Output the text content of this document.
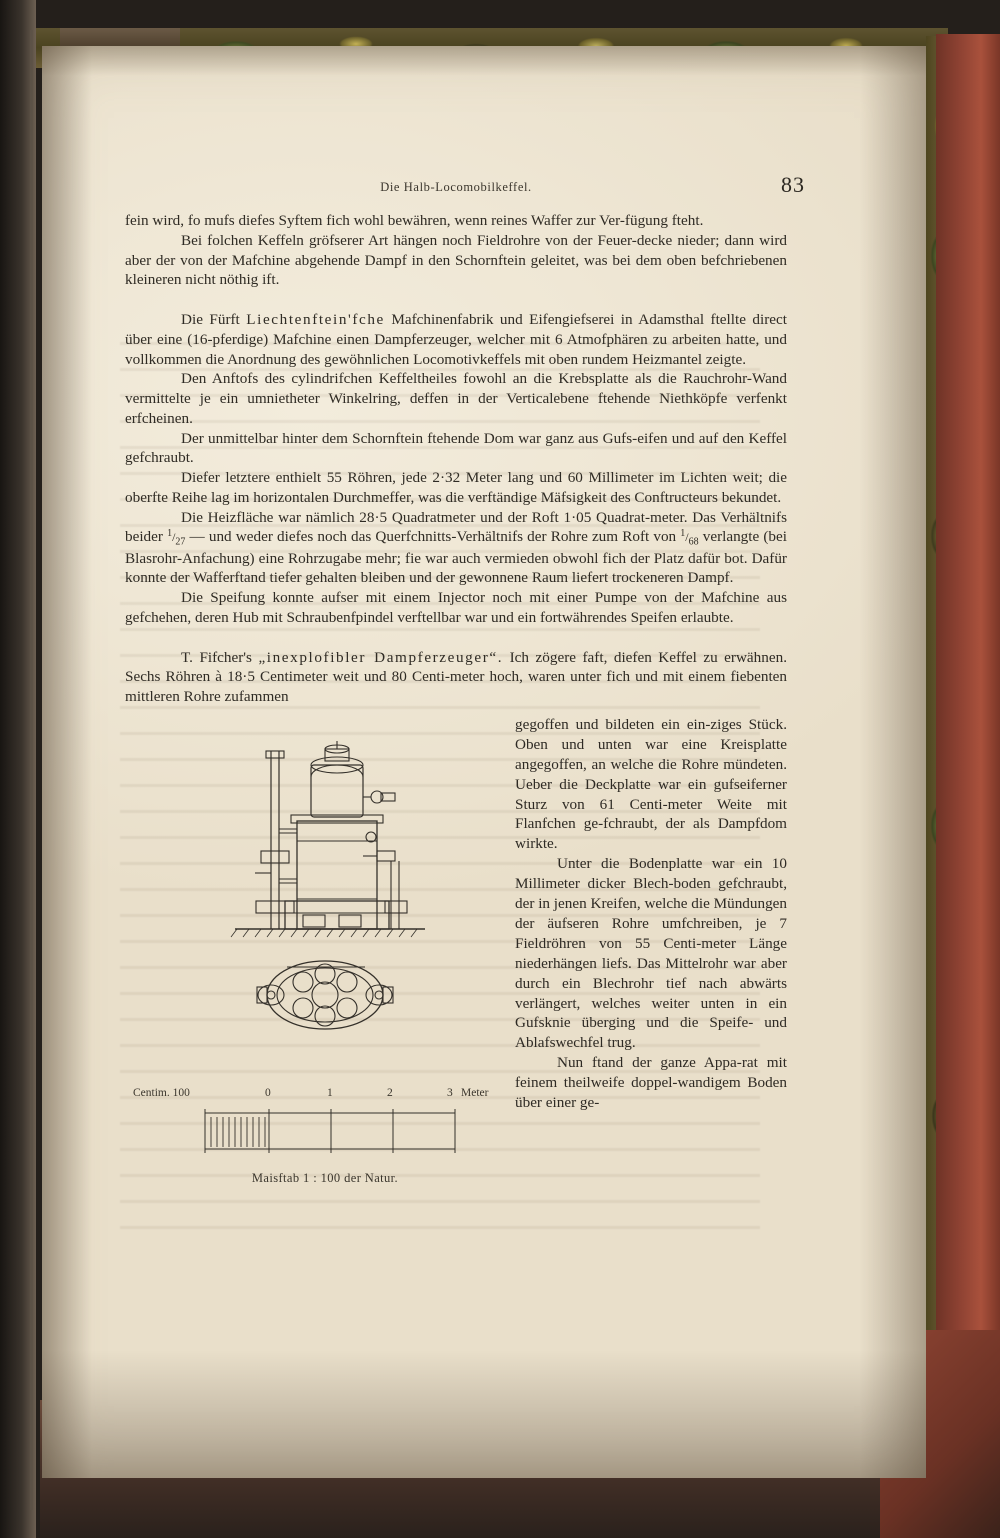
Die Halb-Locomobilkeffel.	83

fein wird, fo mufs diefes Syftem fich wohl bewähren, wenn reines Waffer zur Ver-fügung fteht.

Bei folchen Keffeln gröfserer Art hängen noch Fieldrohre von der Feuer-decke nieder; dann wird aber der von der Mafchine abgehende Dampf in den Schornftein geleitet, was bei dem oben befchriebenen kleineren nicht nöthig ift.

Die Fürft Liechtenftein'fche Mafchinenfabrik und Eifengiefserei in Adamsthal ftellte direct über eine (16-pferdige) Mafchine einen Dampferzeuger, welcher mit 6 Atmofphären zu arbeiten hatte, und vollkommen die Anordnung des gewöhnlichen Locomotivkeffels mit oben rundem Heizmantel zeigte.

Den Anftofs des cylindrifchen Keffeltheiles fowohl an die Krebsplatte als die Rauchrohr-Wand vermittelte je ein umnietheter Winkelring, deffen in der Verticalebene ftehende Niethköpfe verfenkt erfcheinen.

Der unmittelbar hinter dem Schornftein ftehende Dom war ganz aus Gufs-eifen und auf den Keffel gefchraubt.

Diefer letztere enthielt 55 Röhren, jede 2·32 Meter lang und 60 Millimeter im Lichten weit; die oberfte Reihe lag im horizontalen Durchmeffer, was die verftändige Mäfsigkeit des Conftructeurs bekundet.

Die Heizfläche war nämlich 28·5 Quadratmeter und der Roft 1·05 Quadrat-meter. Das Verhältnifs beider $^1/_{27}$ — und weder diefes noch das Querfchnitts-Verhältnifs der Rohre zum Roft von $^1/_{68}$ verlangte (bei Blasrohr-Anfachung) eine Rohrzugabe mehr; fie war auch vermieden obwohl fich der Platz dafür bot. Dafür konnte der Wafferftand tiefer gehalten bleiben und der gewonnene Raum liefert trockeneren Dampf.

Die Speifung konnte aufser mit einem Injector noch mit einer Pumpe von der Mafchine aus gefchehen, deren Hub mit Schraubenfpindel verftellbar war und ein fortwährendes Speifen erlaubte.

T. Fifcher's „inexplofibler Dampferzeuger“. Ich zögere faft, diefen Keffel zu erwähnen. Sechs Röhren à 18·5 Centimeter weit und 80 Centi-meter hoch, waren unter fich und mit einem fiebenten mittleren Rohre zufammen

Centim. 100	0	1	2	3 Meter
Maisftab 1 : 100 der Natur.

gegoffen und bildeten ein ein-ziges Stück. Oben und unten war eine Kreisplatte angegoffen, an welche die Rohre mündeten. Ueber die Deckplatte war ein gufseiferner Sturz von 61 Centi-meter Weite mit Flanfchen ge-fchraubt, der als Dampfdom wirkte.

Unter die Bodenplatte war ein 10 Millimeter dicker Blech-boden gefchraubt, der in jenen Kreifen, welche die Mündungen der äufseren Rohre umfchreiben, je 7 Fieldröhren von 55 Centi-meter Länge niederhängen liefs. Das Mittelrohr war aber durch ein Blechrohr tief nach abwärts verlängert, welches weiter unten in ein Gufsknie überging und die Speife- und Ablafswechfel trug.

Nun ftand der ganze Appa-rat mit feinem theilweife doppel-wandigem Boden über einer ge-
